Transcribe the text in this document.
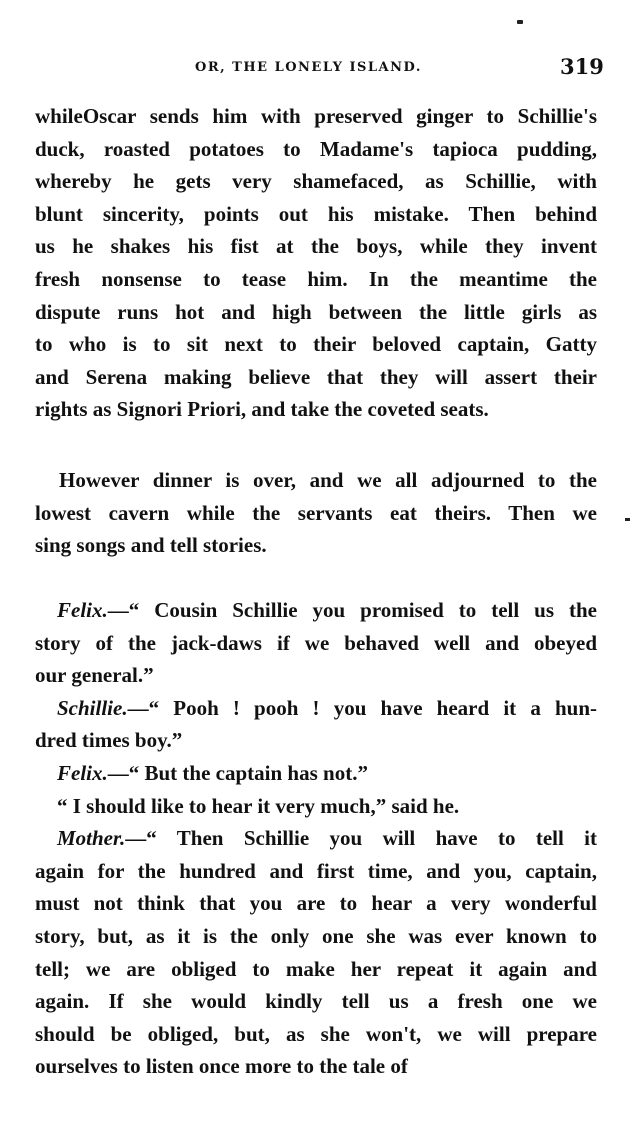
OR, THE LONELY ISLAND.	319
whileOscar sends him with preserved ginger to Schillie's
duck, roasted potatoes to Madame's tapioca pudding,
whereby he gets very shamefaced, as Schillie, with
blunt sincerity, points out his mistake. Then behind
us he shakes his fist at the boys, while they invent
fresh nonsense to tease him. In the meantime the
dispute runs hot and high between the little girls as
to who is to sit next to their beloved captain, Gatty
and Serena making believe that they will assert their
rights as Signori Priori, and take the coveted seats.
However dinner is over, and we all adjourned to the
lowest cavern while the servants eat theirs. Then we
sing songs and tell stories.
Felix.—“ Cousin Schillie you promised to tell us the
story of the jack-daws if we behaved well and obeyed
our general.”
Schillie.—“ Pooh ! pooh ! you have heard it a hun-
dred times boy.”
Felix.—“ But the captain has not.”
“ I should like to hear it very much,” said he.
Mother.—“ Then Schillie you will have to tell it
again for the hundred and first time, and you, captain,
must not think that you are to hear a very wonderful
story, but, as it is the only one she was ever known to
tell; we are obliged to make her repeat it again and
again. If she would kindly tell us a fresh one we
should be obliged, but, as she won't, we will prepare
ourselves to listen once more to the tale of
